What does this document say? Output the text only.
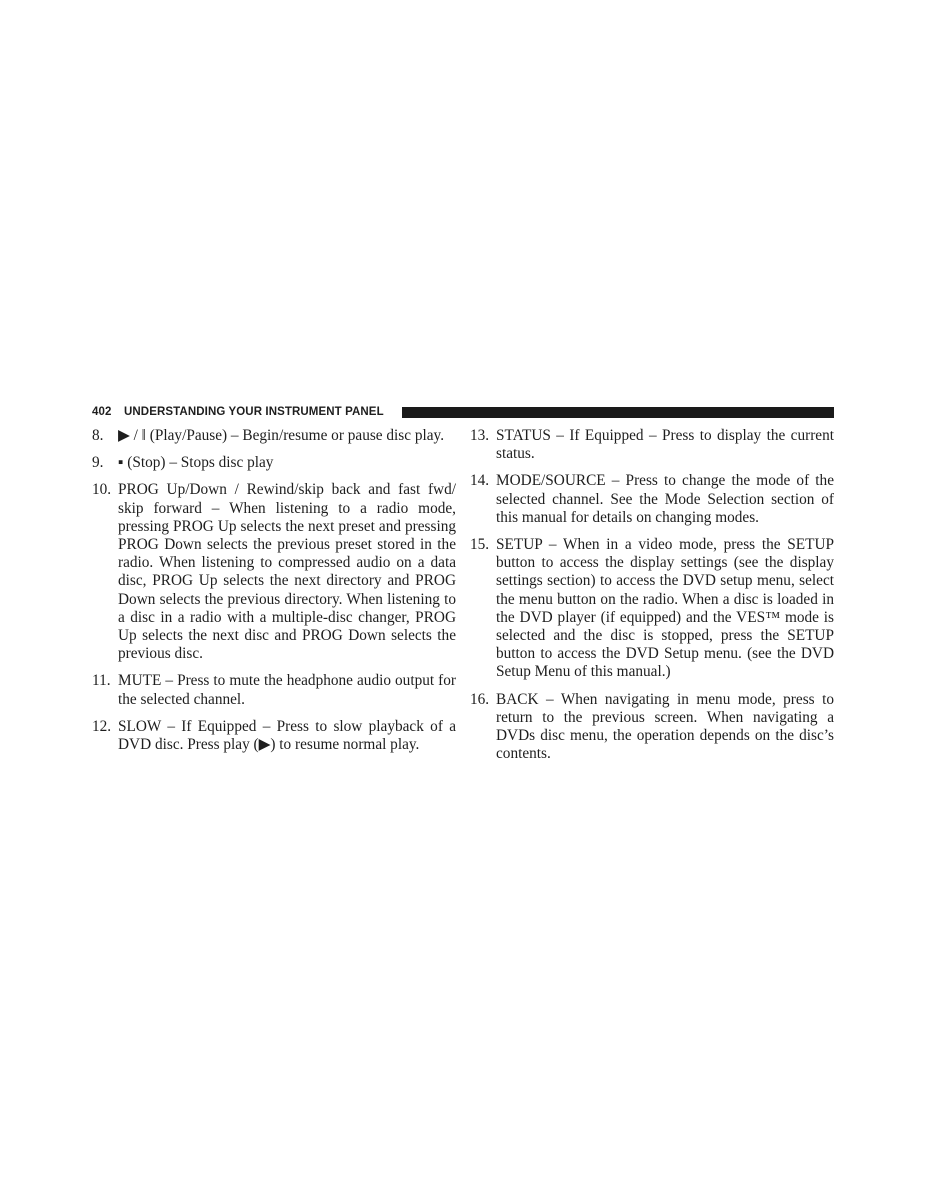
402 UNDERSTANDING YOUR INSTRUMENT PANEL
8. ▶ / ‖ (Play/Pause) – Begin/resume or pause disc play.
9. ▪ (Stop) – Stops disc play
10. PROG Up/Down / Rewind/skip back and fast fwd/ skip forward – When listening to a radio mode, pressing PROG Up selects the next preset and pressing PROG Down selects the previous preset stored in the radio. When listening to compressed audio on a data disc, PROG Up selects the next directory and PROG Down selects the previous directory. When listening to a disc in a radio with a multiple-disc changer, PROG Up selects the next disc and PROG Down selects the previous disc.
11. MUTE – Press to mute the headphone audio output for the selected channel.
12. SLOW – If Equipped – Press to slow playback of a DVD disc. Press play (▶) to resume normal play.
13. STATUS – If Equipped – Press to display the current status.
14. MODE/SOURCE – Press to change the mode of the selected channel. See the Mode Selection section of this manual for details on changing modes.
15. SETUP – When in a video mode, press the SETUP button to access the display settings (see the display settings section) to access the DVD setup menu, select the menu button on the radio. When a disc is loaded in the DVD player (if equipped) and the VES™ mode is selected and the disc is stopped, press the SETUP button to access the DVD Setup menu. (see the DVD Setup Menu of this manual.)
16. BACK – When navigating in menu mode, press to return to the previous screen. When navigating a DVDs disc menu, the operation depends on the disc’s contents.
